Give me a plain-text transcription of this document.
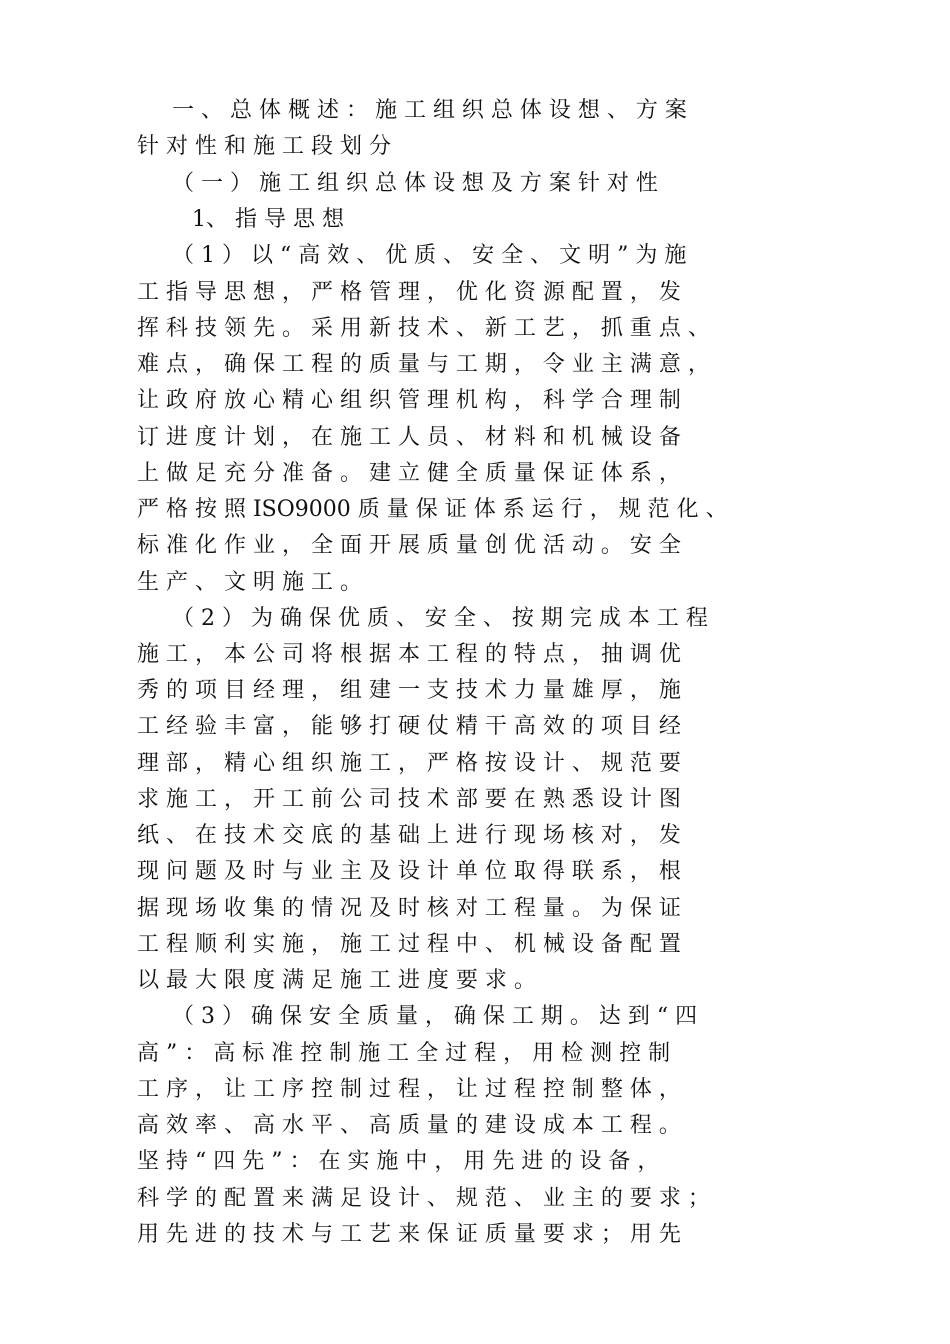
一 、 总 体 概 述 ： 施 工 组 织 总 体 设 想 、 方 案
针 对 性 和 施 工 段 划 分
（ 一 ） 施 工 组 织 总 体 设 想 及 方 案 针 对 性
1、 指 导 思 想
（ 1 ） 以 “ 高 效 、 优 质 、 安 全 、 文 明 ” 为 施
工 指 导 思 想 ， 严 格 管 理 ， 优 化 资 源 配 置 ， 发
挥 科 技 领 先 。 采 用 新 技 术 、 新 工 艺 ， 抓 重 点 、
难 点 ， 确 保 工 程 的 质 量 与 工 期 ， 令 业 主 满 意 ，
让 政 府 放 心 精 心 组 织 管 理 机 构 ， 科 学 合 理 制
订 进 度 计 划 ， 在 施 工 人 员 、 材 料 和 机 械 设 备
上 做 足 充 分 准 备 。 建 立 健 全 质 量 保 证 体 系 ，
严 格 按 照 ISO9000 质 量 保 证 体 系 运 行 ， 规 范 化 、
标 准 化 作 业 ， 全 面 开 展 质 量 创 优 活 动 。 安 全
生 产 、 文 明 施 工 。
（ 2 ） 为 确 保 优 质 、 安 全 、 按 期 完 成 本 工 程
施 工 ， 本 公 司 将 根 据 本 工 程 的 特 点 ， 抽 调 优
秀 的 项 目 经 理 ， 组 建 一 支 技 术 力 量 雄 厚 ， 施
工 经 验 丰 富 ， 能 够 打 硬 仗 精 干 高 效 的 项 目 经
理 部 ， 精 心 组 织 施 工 ， 严 格 按 设 计 、 规 范 要
求 施 工 ， 开 工 前 公 司 技 术 部 要 在 熟 悉 设 计 图
纸 、 在 技 术 交 底 的 基 础 上 进 行 现 场 核 对 ， 发
现 问 题 及 时 与 业 主 及 设 计 单 位 取 得 联 系 ， 根
据 现 场 收 集 的 情 况 及 时 核 对 工 程 量 。 为 保 证
工 程 顺 利 实 施 ， 施 工 过 程 中 、 机 械 设 备 配 置
以 最 大 限 度 满 足 施 工 进 度 要 求 。
（ 3 ） 确 保 安 全 质 量 ， 确 保 工 期 。 达 到 “ 四
高 ” ： 高 标 准 控 制 施 工 全 过 程 ， 用 检 测 控 制
工 序 ， 让 工 序 控 制 过 程 ， 让 过 程 控 制 整 体 ，
高 效 率 、 高 水 平 、 高 质 量 的 建 设 成 本 工 程 。
坚 持 “ 四 先 ” ： 在 实 施 中 ， 用 先 进 的 设 备 ，
科 学 的 配 置 来 满 足 设 计 、 规 范 、 业 主 的 要 求 ；
用 先 进 的 技 术 与 工 艺 来 保 证 质 量 要 求 ； 用 先
